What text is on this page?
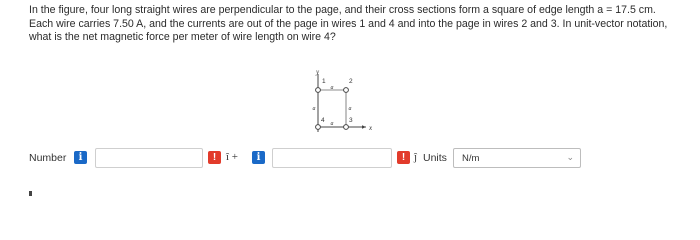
In the figure, four long straight wires are perpendicular to the page, and their cross sections form a square of edge length a = 17.5 cm. Each wire carries 7.50 A, and the currents are out of the page in wires 1 and 4 and into the page in wires 2 and 3. In unit-vector notation, what is the net magnetic force per meter of wire length on wire 4?
y
x
a
a	a
a
1	2
3
4
Number	i	! î +	i	! ĵ Units N/m	⌄
